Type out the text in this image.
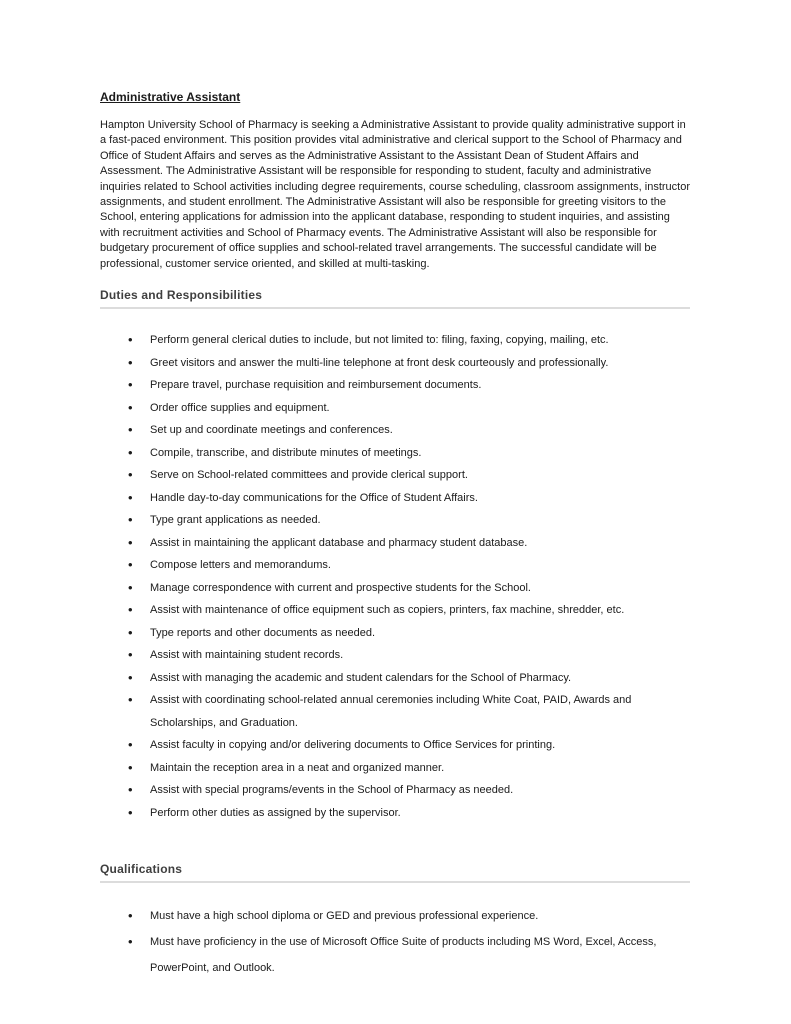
Administrative Assistant

Hampton University School of Pharmacy is seeking a Administrative Assistant to provide quality administrative support in a fast-paced environment. This position provides vital administrative and clerical support to the School of Pharmacy and Office of Student Affairs and serves as the Administrative Assistant to the Assistant Dean of Student Affairs and Assessment. The Administrative Assistant will be responsible for responding to student, faculty and administrative inquiries related to School activities including degree requirements, course scheduling, classroom assignments, instructor assignments, and student enrollment. The Administrative Assistant will also be responsible for greeting visitors to the School, entering applications for admission into the applicant database, responding to student inquiries, and assisting with recruitment activities and School of Pharmacy events. The Administrative Assistant will also be responsible for budgetary procurement of office supplies and school-related travel arrangements. The successful candidate will be professional, customer service oriented, and skilled at multi-tasking.

Duties and Responsibilities
• Perform general clerical duties to include, but not limited to: filing, faxing, copying, mailing, etc.
• Greet visitors and answer the multi-line telephone at front desk courteously and professionally.
• Prepare travel, purchase requisition and reimbursement documents.
• Order office supplies and equipment.
• Set up and coordinate meetings and conferences.
• Compile, transcribe, and distribute minutes of meetings.
• Serve on School-related committees and provide clerical support.
• Handle day-to-day communications for the Office of Student Affairs.
• Type grant applications as needed.
• Assist in maintaining the applicant database and pharmacy student database.
• Compose letters and memorandums.
• Manage correspondence with current and prospective students for the School.
• Assist with maintenance of office equipment such as copiers, printers, fax machine, shredder, etc.
• Type reports and other documents as needed.
• Assist with maintaining student records.
• Assist with managing the academic and student calendars for the School of Pharmacy.
• Assist with coordinating school-related annual ceremonies including White Coat, PAID, Awards and Scholarships, and Graduation.
• Assist faculty in copying and/or delivering documents to Office Services for printing.
• Maintain the reception area in a neat and organized manner.
• Assist with special programs/events in the School of Pharmacy as needed.
• Perform other duties as assigned by the supervisor.
Qualifications
• Must have a high school diploma or GED and previous professional experience.
• Must have proficiency in the use of Microsoft Office Suite of products including MS Word, Excel, Access, PowerPoint, and Outlook.
